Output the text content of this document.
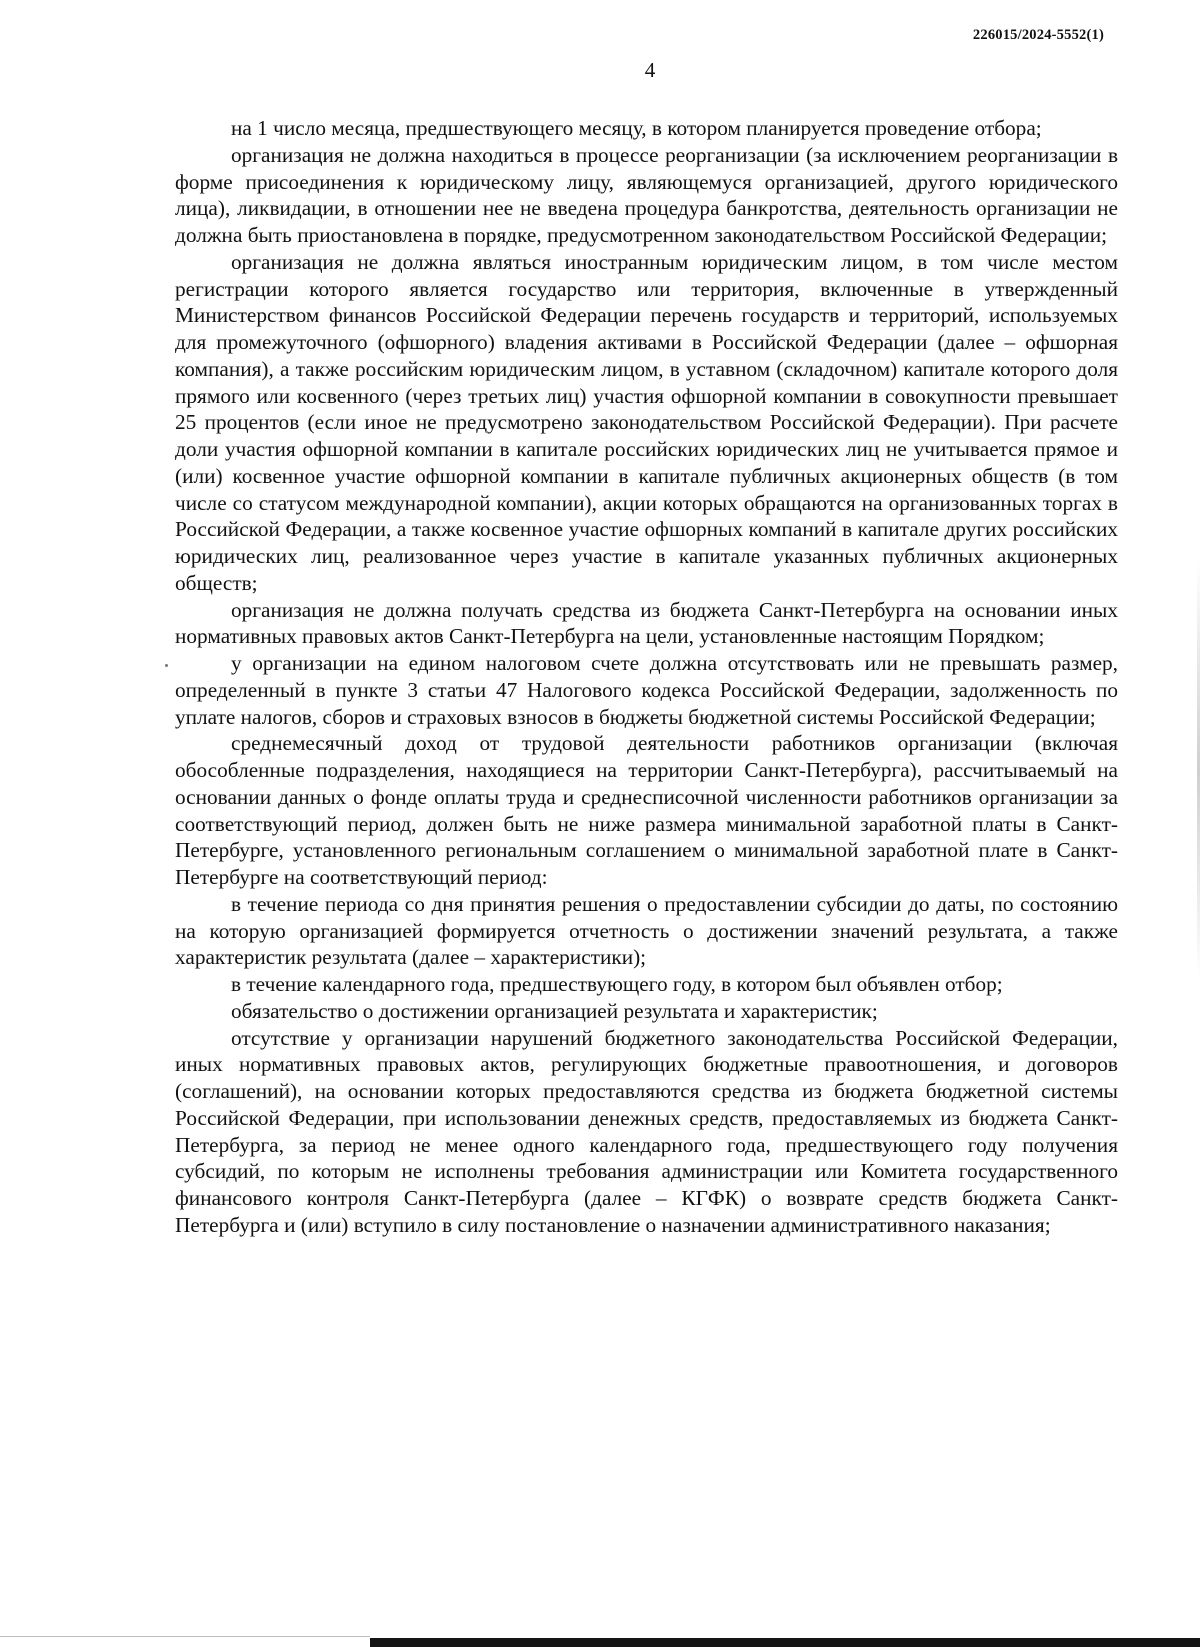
226015/2024-5552(1)
4

на 1 число месяца, предшествующего месяцу, в котором планируется проведение отбора;

организация не должна находиться в процессе реорганизации (за исключением реорганизации в форме присоединения к юридическому лицу, являющемуся организацией, другого юридического лица), ликвидации, в отношении нее не введена процедура банкротства, деятельность организации не должна быть приостановлена в порядке, предусмотренном законодательством Российской Федерации;

организация не должна являться иностранным юридическим лицом, в том числе местом регистрации которого является государство или территория, включенные в утвержденный Министерством финансов Российской Федерации перечень государств и территорий, используемых для промежуточного (офшорного) владения активами в Российской Федерации (далее – офшорная компания), а также российским юридическим лицом, в уставном (складочном) капитале которого доля прямого или косвенного (через третьих лиц) участия офшорной компании в совокупности превышает 25 процентов (если иное не предусмотрено законодательством Российской Федерации). При расчете доли участия офшорной компании в капитале российских юридических лиц не учитывается прямое и (или) косвенное участие офшорной компании в капитале публичных акционерных обществ (в том числе со статусом международной компании), акции которых обращаются на организованных торгах в Российской Федерации, а также косвенное участие офшорных компаний в капитале других российских юридических лиц, реализованное через участие в капитале указанных публичных акционерных обществ;

организация не должна получать средства из бюджета Санкт-Петербурга на основании иных нормативных правовых актов Санкт-Петербурга на цели, установленные настоящим Порядком;

у организации на едином налоговом счете должна отсутствовать или не превышать размер, определенный в пункте 3 статьи 47 Налогового кодекса Российской Федерации, задолженность по уплате налогов, сборов и страховых взносов в бюджеты бюджетной системы Российской Федерации;

среднемесячный доход от трудовой деятельности работников организации (включая обособленные подразделения, находящиеся на территории Санкт-Петербурга), рассчитываемый на основании данных о фонде оплаты труда и среднесписочной численности работников организации за соответствующий период, должен быть не ниже размера минимальной заработной платы в Санкт-Петербурге, установленного региональным соглашением о минимальной заработной плате в Санкт-Петербурге на соответствующий период:

в течение периода со дня принятия решения о предоставлении субсидии до даты, по состоянию на которую организацией формируется отчетность о достижении значений результата, а также характеристик результата (далее – характеристики);

в течение календарного года, предшествующего году, в котором был объявлен отбор;

обязательство о достижении организацией результата и характеристик;

отсутствие у организации нарушений бюджетного законодательства Российской Федерации, иных нормативных правовых актов, регулирующих бюджетные правоотношения, и договоров (соглашений), на основании которых предоставляются средства из бюджета бюджетной системы Российской Федерации, при использовании денежных средств, предоставляемых из бюджета Санкт-Петербурга, за период не менее одного календарного года, предшествующего году получения субсидий, по которым не исполнены требования администрации или Комитета государственного финансового контроля Санкт-Петербурга (далее – КГФК) о возврате средств бюджета Санкт-Петербурга и (или) вступило в силу постановление о назначении административного наказания;
